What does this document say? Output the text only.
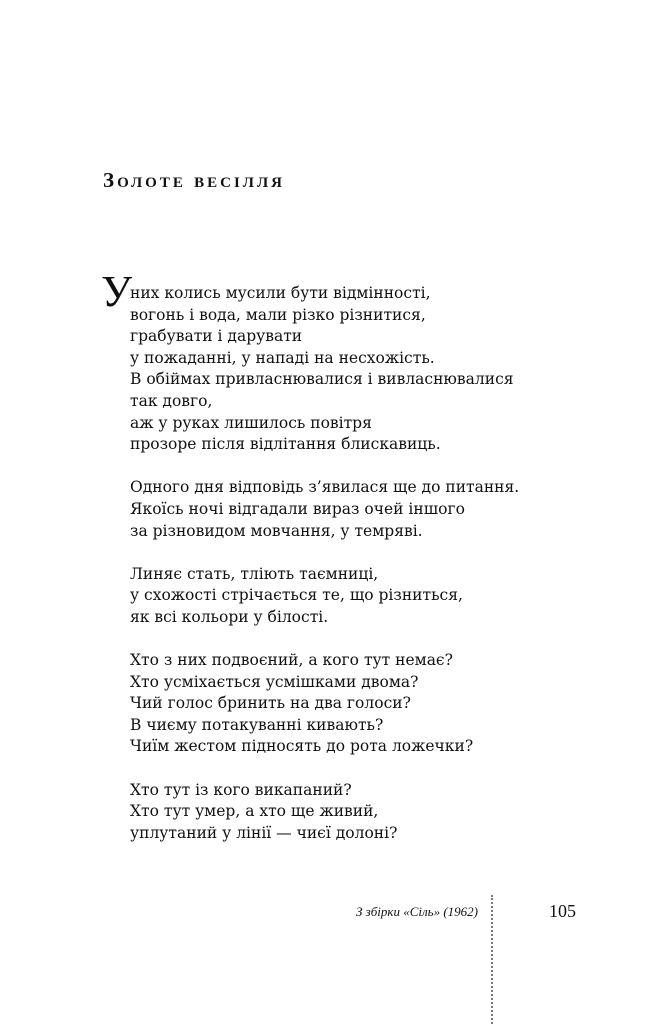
Золоте весілля
У
них колись мусили бути відмінності,
вогонь і вода, мали різко різнитися,
грабувати і дарувати
у пожаданні, у нападі на несхожість.
В обіймах привласнювалися і вивласнювалися
так довго,
аж у руках лишилось повітря
прозоре після відлітання блискавиць.
Одного дня відповідь з’явилася ще до питання.
Якоїсь ночі відгадали вираз очей іншого
за різновидом мовчання, у темряві.
Линяє стать, тліють таємниці,
у схожості стрічається те, що різниться,
як всі кольори у білості.
Хто з них подвоєний, а кого тут немає?
Хто усміхається усмішками двома?
Чий голос бринить на два голоси?
В чиєму потакуванні кивають?
Чиїм жестом підносять до рота ложечки?
Хто тут із кого викапаний?
Хто тут умер, а хто ще живий,
уплутаний у лінії — чиєї долоні?
З збірки «Сіль» (1962)	105
